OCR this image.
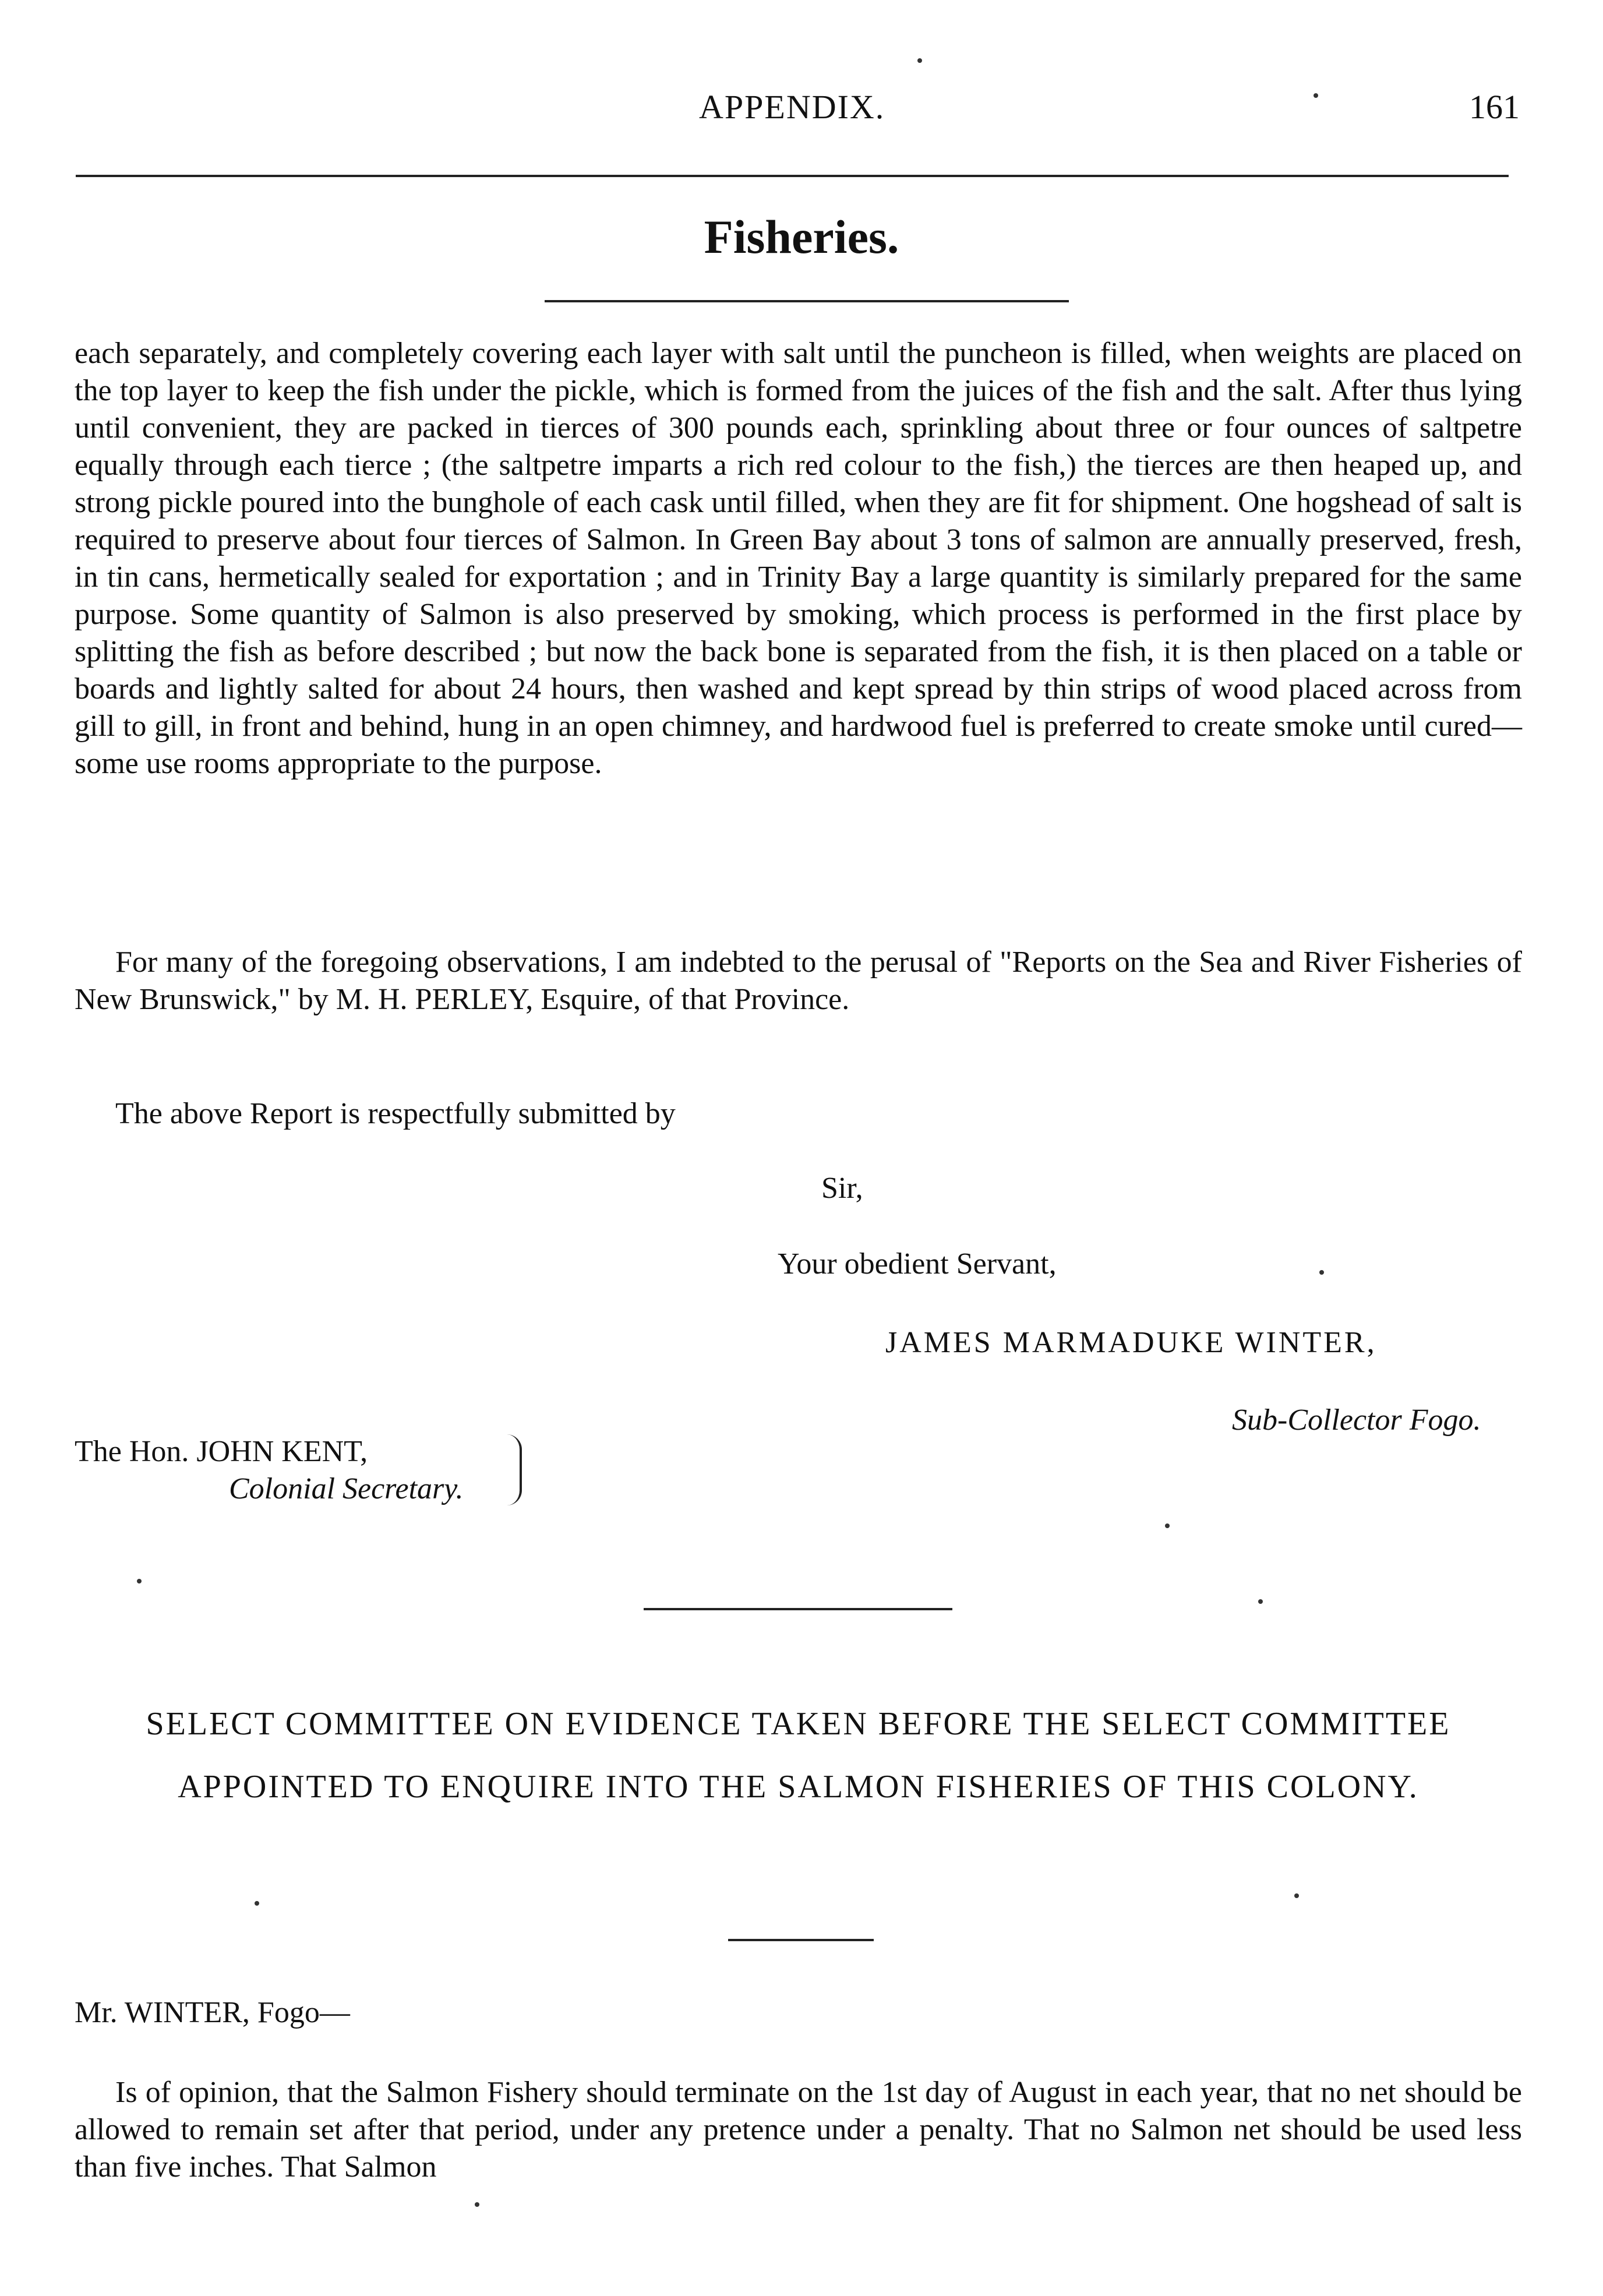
APPENDIX.	161
Fisheries.
each separately, and completely covering each layer with salt until the puncheon is filled, when weights are placed on the top layer to keep the fish under the pickle, which is formed from the juices of the fish and the salt. After thus lying until convenient, they are packed in tierces of 300 pounds each, sprinkling about three or four ounces of saltpetre equally through each tierce ; (the saltpetre imparts a rich red colour to the fish,) the tierces are then heaped up, and strong pickle poured into the bunghole of each cask until filled, when they are fit for shipment. One hogshead of salt is required to preserve about four tierces of Salmon. In Green Bay about 3 tons of salmon are annually preserved, fresh, in tin cans, hermetically sealed for exportation ; and in Trinity Bay a large quantity is similarly prepared for the same purpose. Some quantity of Salmon is also preserved by smoking, which process is performed in the first place by splitting the fish as before described ; but now the back bone is separated from the fish, it is then placed on a table or boards and lightly salted for about 24 hours, then washed and kept spread by thin strips of wood placed across from gill to gill, in front and behind, hung in an open chimney, and hardwood fuel is preferred to create smoke until cured—some use rooms appropriate to the purpose.
For many of the foregoing observations, I am indebted to the perusal of "Reports on the Sea and River Fisheries of New Brunswick," by M. H. PERLEY, Esquire, of that Province.
The above Report is respectfully submitted by
Sir,
Your obedient Servant,
JAMES MARMADUKE WINTER,
Sub-Collector Fogo.
The Hon. JOHN KENT,
Colonial Secretary.
SELECT COMMITTEE ON EVIDENCE TAKEN BEFORE THE SELECT COMMITTEE APPOINTED TO ENQUIRE INTO THE SALMON FISHERIES OF THIS COLONY.
Mr. WINTER, Fogo—
Is of opinion, that the Salmon Fishery should terminate on the 1st day of August in each year, that no net should be allowed to remain set after that period, under any pretence under a penalty. That no Salmon net should be used less than five inches. That Salmon
